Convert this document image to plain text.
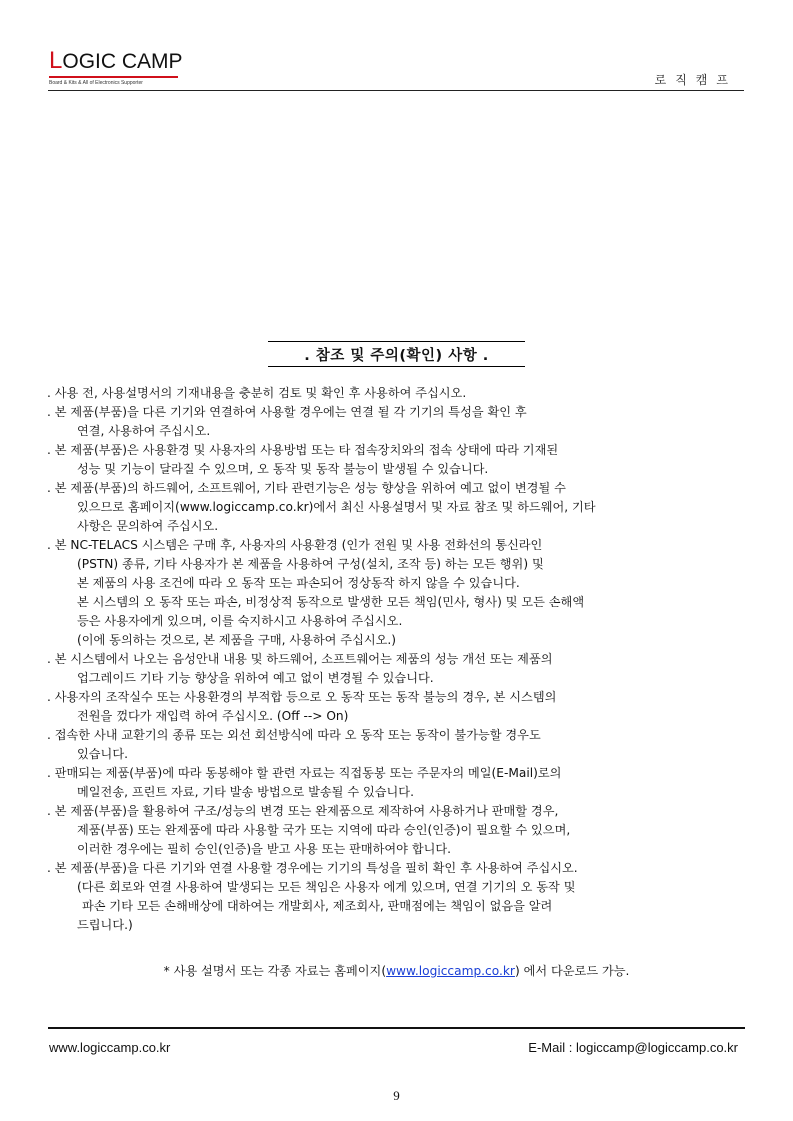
LOGIC CAMP
Board & Kits & All of Electronics Supporter	로직캠프
. 참조 및 주의(확인) 사항 .
. 사용 전, 사용설명서의 기재내용을 충분히 검토 및 확인 후 사용하여 주십시오.
. 본 제품(부품)을 다른 기기와 연결하여 사용할 경우에는 연결 될 각 기기의 특성을 확인 후
연결, 사용하여 주십시오.
. 본 제품(부품)은 사용환경 및 사용자의 사용방법 또는 타 접속장치와의 접속 상태에 따라 기재된
성능 및 기능이 달라질 수 있으며, 오 동작 및 동작 불능이 발생될 수 있습니다.
. 본 제품(부품)의 하드웨어, 소프트웨어, 기타 관련기능은 성능 향상을 위하여 예고 없이 변경될 수
있으므로 홈페이지(www.logiccamp.co.kr)에서 최신 사용설명서 및 자료 참조 및 하드웨어, 기타
사항은 문의하여 주십시오.
. 본 NC-TELACS 시스템은 구매 후, 사용자의 사용환경 (인가 전원 및 사용 전화선의 통신라인
(PSTN) 종류, 기타 사용자가 본 제품을 사용하여 구성(설치, 조작 등) 하는 모든 행위) 및
본 제품의 사용 조건에 따라 오 동작 또는 파손되어 정상동작 하지 않을 수 있습니다.
본 시스템의 오 동작 또는 파손, 비정상적 동작으로 발생한 모든 책임(민사, 형사) 및 모든 손해액
등은 사용자에게 있으며, 이를 숙지하시고 사용하여 주십시오.
(이에 동의하는 것으로, 본 제품을 구매, 사용하여 주십시오.)
. 본 시스템에서 나오는 음성안내 내용 및 하드웨어, 소프트웨어는 제품의 성능 개선 또는 제품의
업그레이드 기타 기능 향상을 위하여 예고 없이 변경될 수 있습니다.
. 사용자의 조작실수 또는 사용환경의 부적합 등으로 오 동작 또는 동작 불능의 경우, 본 시스템의
전원을 껐다가 재입력 하여 주십시오. (Off --> On)
. 접속한 사내 교환기의 종류 또는 외선 회선방식에 따라 오 동작 또는 동작이 불가능할 경우도
있습니다.
. 판매되는 제품(부품)에 따라 동봉해야 할 관련 자료는 직접동봉 또는 주문자의 메일(E-Mail)로의
메일전송, 프린트 자료, 기타 발송 방법으로 발송될 수 있습니다.
. 본 제품(부품)을 활용하여 구조/성능의 변경 또는 완제품으로 제작하여 사용하거나 판매할 경우,
제품(부품) 또는 완제품에 따라 사용할 국가 또는 지역에 따라 승인(인증)이 필요할 수 있으며,
이러한 경우에는 필히 승인(인증)을 받고 사용 또는 판매하여야 합니다.
. 본 제품(부품)을 다른 기기와 연결 사용할 경우에는 기기의 특성을 필히 확인 후 사용하여 주십시오.
(다른 회로와 연결 사용하여 발생되는 모든 책임은 사용자 에게 있으며, 연결 기기의 오 동작 및
파손 기타 모든 손해배상에 대하여는 개발회사, 제조회사, 판매점에는 책임이 없음을 알려
드립니다.)
* 사용 설명서 또는 각종 자료는 홈페이지(www.logiccamp.co.kr) 에서 다운로드 가능.
www.logiccamp.co.kr	E-Mail : logiccamp@logiccamp.co.kr
9
